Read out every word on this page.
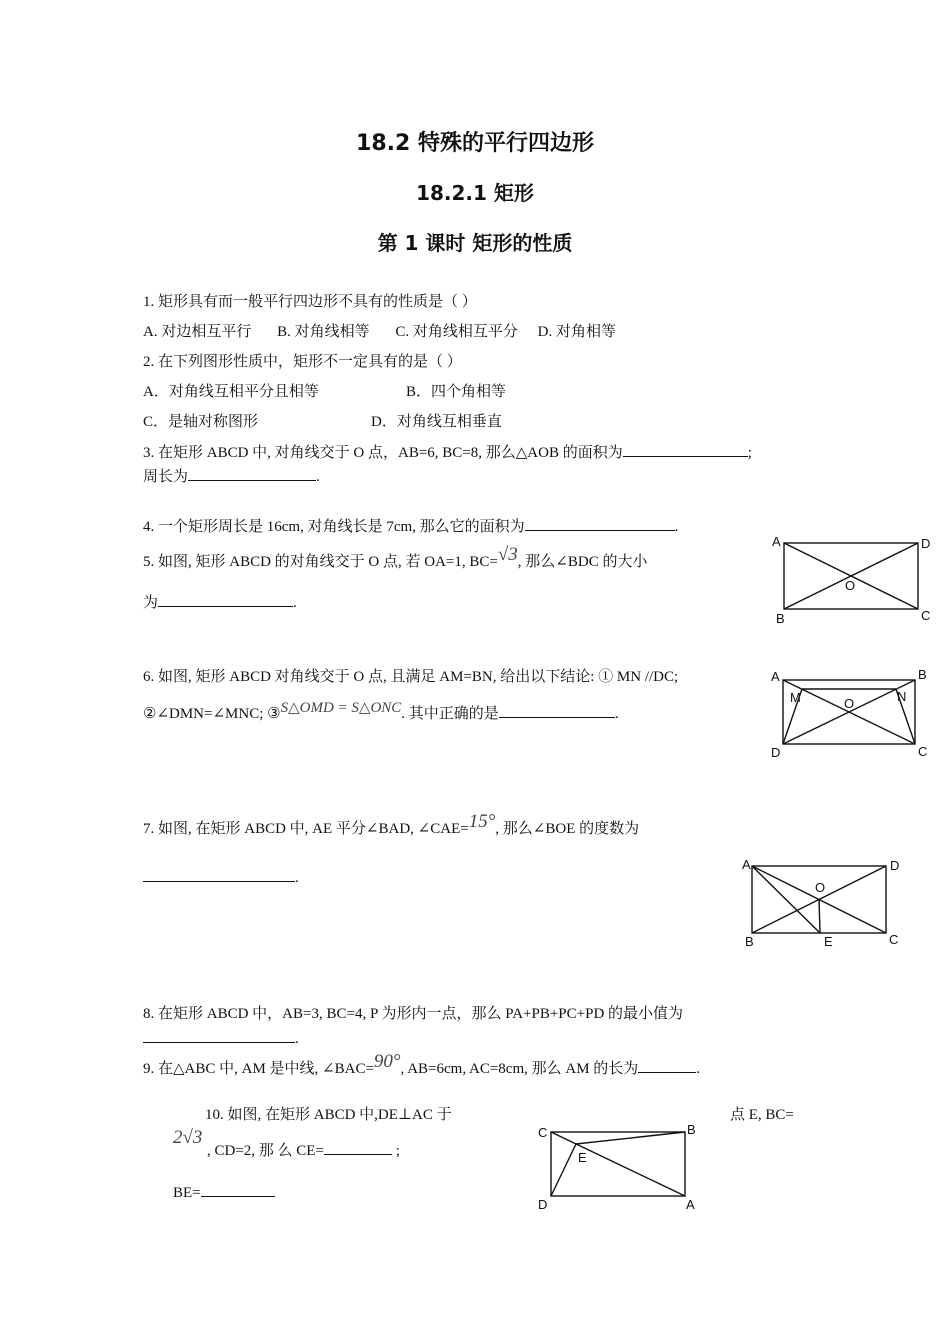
18.2 特殊的平行四边形
18.2.1 矩形
第 1 课时 矩形的性质
1. 矩形具有而一般平行四边形不具有的性质是（ ）
A. 对边相互平行 B. 对角线相等 C. 对角线相互平分 D. 对角相等
2. 在下列图形性质中，矩形不一定具有的是（ ）
A．对角线互相平分且相等	B．四个角相等
C．是轴对称图形	D．对角线互相垂直
3. 在矩形 ABCD 中, 对角线交于 O 点，AB=6, BC=8, 那么△AOB 的面积为	;
周长为	.
4. 一个矩形周长是 16cm, 对角线长是 7cm, 那么它的面积为	.
5. 如图, 矩形 ABCD 的对角线交于 O 点, 若 OA=1, BC=√3, 那么∠BDC 的大小
为	.
A	D
O
B	C
6. 如图, 矩形 ABCD 对角线交于 O 点, 且满足 AM=BN, 给出以下结论: ① MN //DC;
②∠DMN=∠MNC; ③S△OMD = S△ONC. 其中正确的是	.
A	B
M	O	N
D	C
7. 如图, 在矩形 ABCD 中, AE 平分∠BAD, ∠CAE=15°, 那么∠BOE 的度数为
.
A	D
O
B	E	C
8. 在矩形 ABCD 中，AB=3, BC=4, P 为形内一点，那么 PA+PB+PC+PD 的最小值为
.
9. 在△ABC 中, AM 是中线, ∠BAC=90°, AB=6cm, AC=8cm, 那么 AM 的长为	.
10. 如图, 在矩形 ABCD 中,DE⊥AC 于	点 E, BC=
2√3
, CD=2, 那 么 CE=	;
BE=
C	B
E
D	A
